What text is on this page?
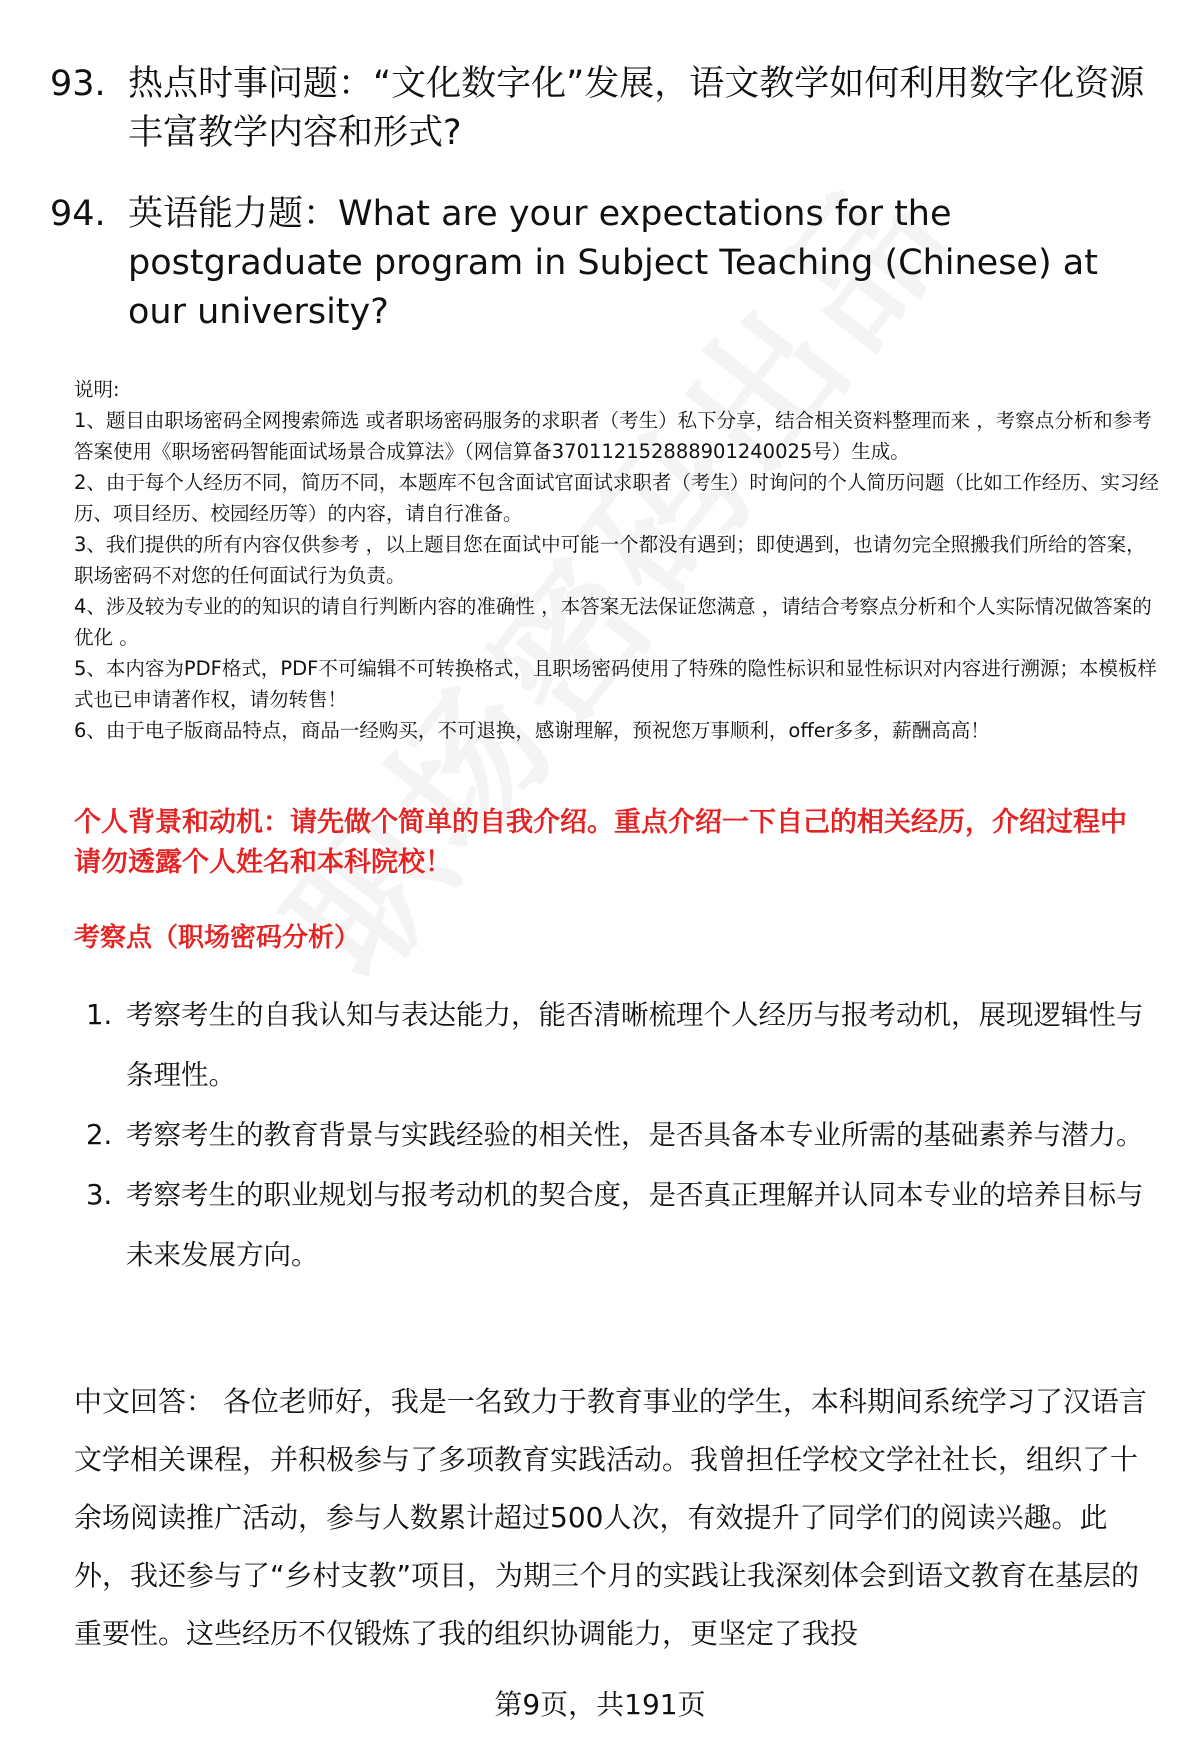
93. 热点时事问题：“文化数字化”发展，语文教学如何利用数字化资源丰富教学内容和形式?
94. 英语能力题：What are your expectations for the postgraduate program in Subject Teaching (Chinese) at our university?

说明:

1、题目由职场密码全网搜索筛选 或者职场密码服务的求职者（考生）私下分享，结合相关资料整理而来 ，考察点分析和参考答案使用《职场密码智能面试场景合成算法》（网信算备370112152888901240025号）生成。

2、由于每个人经历不同，简历不同，本题库不包含面试官面试求职者（考生）时询问的个人简历问题（比如工作经历、实习经历、项目经历、校园经历等）的内容，请自行准备。

3、我们提供的所有内容仅供参考 ，以上题目您在面试中可能一个都没有遇到；即使遇到，也请勿完全照搬我们所给的答案，职场密码不对您的任何面试行为负责。

4、涉及较为专业的的知识的请自行判断内容的准确性 ，本答案无法保证您满意 ，请结合考察点分析和个人实际情况做答案的优化 。

5、本内容为PDF格式，PDF不可编辑不可转换格式，且职场密码使用了特殊的隐性标识和显性标识对内容进行溯源；本模板样式也已申请著作权，请勿转售！

6、由于电子版商品特点，商品一经购买，不可退换，感谢理解，预祝您万事顺利，offer多多，薪酬高高！

个人背景和动机：请先做个简单的自我介绍。重点介绍一下自己的相关经历，介绍过程中请勿透露个人姓名和本科院校！
考察点（职场密码分析）
1. 考察考生的自我认知与表达能力，能否清晰梳理个人经历与报考动机，展现逻辑性与条理性。
2. 考察考生的教育背景与实践经验的相关性，是否具备本专业所需的基础素养与潜力。
3. 考察考生的职业规划与报考动机的契合度，是否真正理解并认同本专业的培养目标与未来发展方向。

中文回答： 各位老师好，我是一名致力于教育事业的学生，本科期间系统学习了汉语言文学相关课程，并积极参与了多项教育实践活动。我曾担任学校文学社社长，组织了十余场阅读推广活动，参与人数累计超过500人次，有效提升了同学们的阅读兴趣。此外，我还参与了“乡村支教”项目，为期三个月的实践让我深刻体会到语文教育在基层的重要性。这些经历不仅锻炼了我的组织协调能力，更坚定了我投

第9页，共191页
